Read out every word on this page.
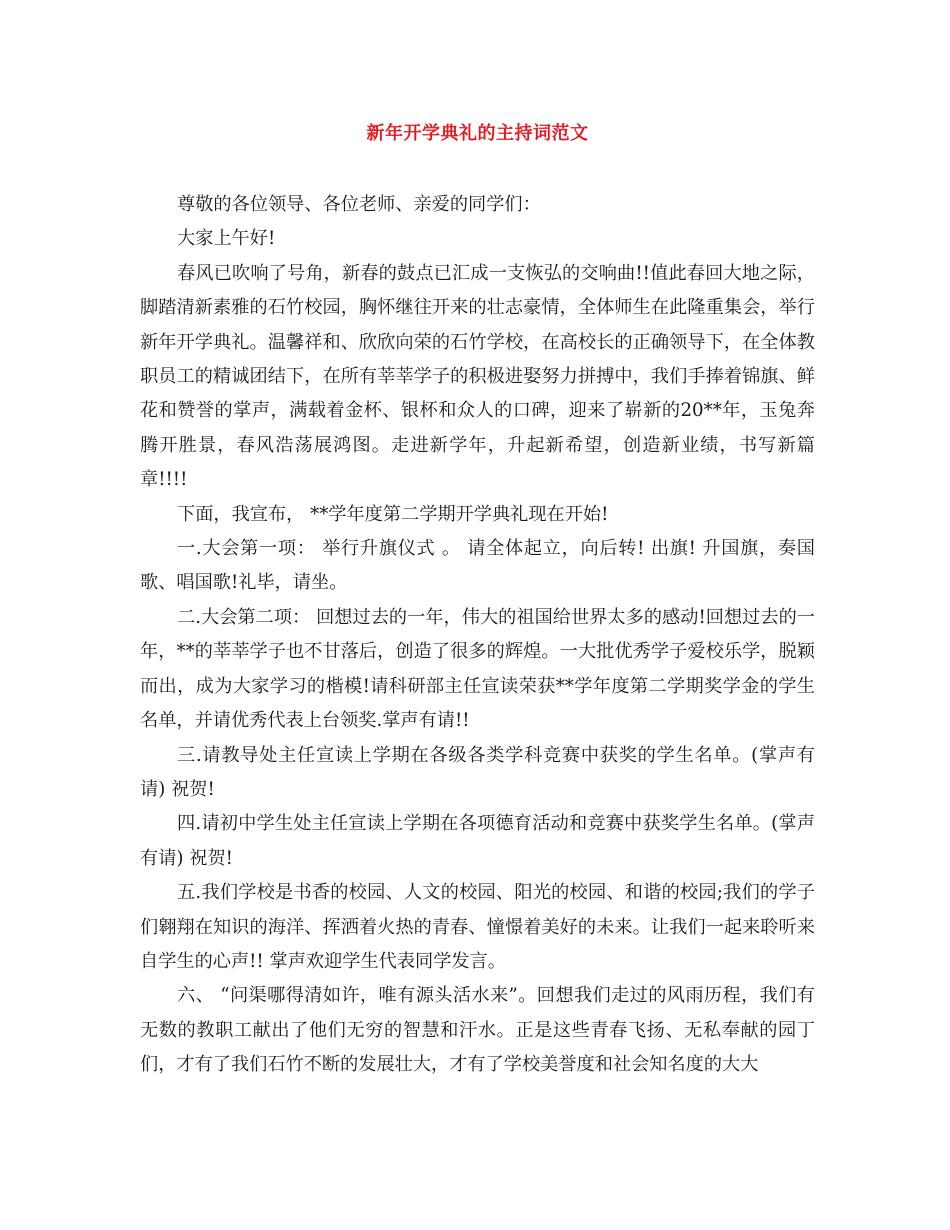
新年开学典礼的主持词范文

尊敬的各位领导、各位老师、亲爱的同学们：

大家上午好!

春风已吹响了号角，新春的鼓点已汇成一支恢弘的交响曲!!值此春回大地之际，脚踏清新素雅的石竹校园，胸怀继往开来的壮志豪情，全体师生在此隆重集会，举行新年开学典礼。温馨祥和、欣欣向荣的石竹学校，在高校长的正确领导下，在全体教职员工的精诚团结下，在所有莘莘学子的积极进娶努力拼搏中，我们手捧着锦旗、鲜花和赞誉的掌声，满载着金杯、银杯和众人的口碑，迎来了崭新的20**年，玉兔奔腾开胜景，春风浩荡展鸿图。走进新学年，升起新希望，创造新业绩，书写新篇章!!!!

下面，我宣布， **学年度第二学期开学典礼现在开始!

一.大会第一项： 举行升旗仪式 。 请全体起立，向后转! 出旗! 升国旗，奏国歌、唱国歌!礼毕，请坐。

二.大会第二项： 回想过去的一年，伟大的祖国给世界太多的感动!回想过去的一年，**的莘莘学子也不甘落后，创造了很多的辉煌。一大批优秀学子爱校乐学，脱颖而出，成为大家学习的楷模!请科研部主任宣读荣获**学年度第二学期奖学金的学生名单，并请优秀代表上台领奖.掌声有请!!

三.请教导处主任宣读上学期在各级各类学科竞赛中获奖的学生名单。(掌声有请) 祝贺!

四.请初中学生处主任宣读上学期在各项德育活动和竞赛中获奖学生名单。(掌声有请) 祝贺!

五.我们学校是书香的校园、人文的校园、阳光的校园、和谐的校园;我们的学子们翱翔在知识的海洋、挥洒着火热的青春、憧憬着美好的未来。让我们一起来聆听来自学生的心声!! 掌声欢迎学生代表同学发言。

六、 “问渠哪得清如许，唯有源头活水来”。回想我们走过的风雨历程，我们有无数的教职工献出了他们无穷的智慧和汗水。正是这些青春飞扬、无私奉献的园丁们，才有了我们石竹不断的发展壮大，才有了学校美誉度和社会知名度的大大
